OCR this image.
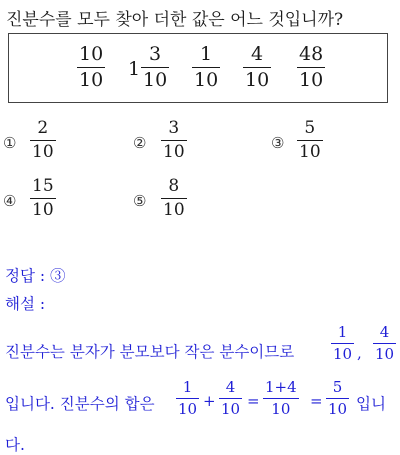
진분수를 모두 찾아 더한 값은 어느 것입니까?
10
10 1
3
10
1
10
4
10
48
10
①
2
10	②
3
10	③
5
10
④
15
10	⑤
8
10
정답 : ③
해설 :
진분수는 분자가 분모보다 작은 분수이므로
1
10 ,
4
10
입니다. 진분수의 합은
1
10 +
4
10 =
1+4
10 =
5
10 입니
다.
